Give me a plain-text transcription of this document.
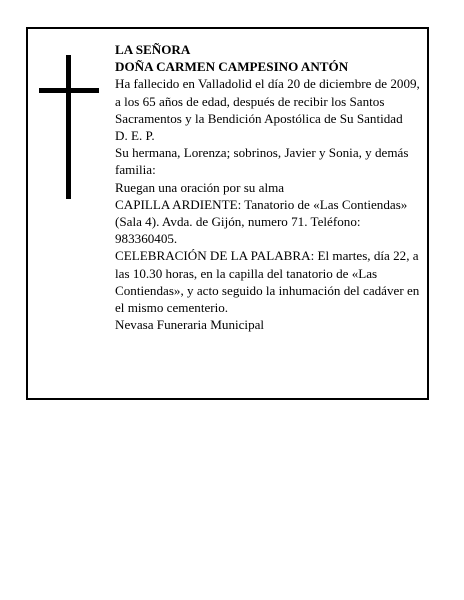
LA SEÑORA

DOÑA CARMEN CAMPESINO ANTÓN

Ha fallecido en Valladolid el día 20 de diciembre de 2009, a los 65 años de edad, después de recibir los Santos Sacramentos y la Bendición Apostólica de Su Santidad

D. E. P.

Su hermana, Lorenza; sobrinos, Javier y Sonia, y demás familia:

Ruegan una oración por su alma

CAPILLA ARDIENTE: Tanatorio de «Las Contiendas» (Sala 4). Avda. de Gijón, numero 71. Teléfono: 983360405.

CELEBRACIÓN DE LA PALABRA: El martes, día 22, a las 10.30 horas, en la capilla del tanatorio de «Las Contiendas», y acto seguido la inhumación del cadáver en el mismo cementerio.

Nevasa Funeraria Municipal
